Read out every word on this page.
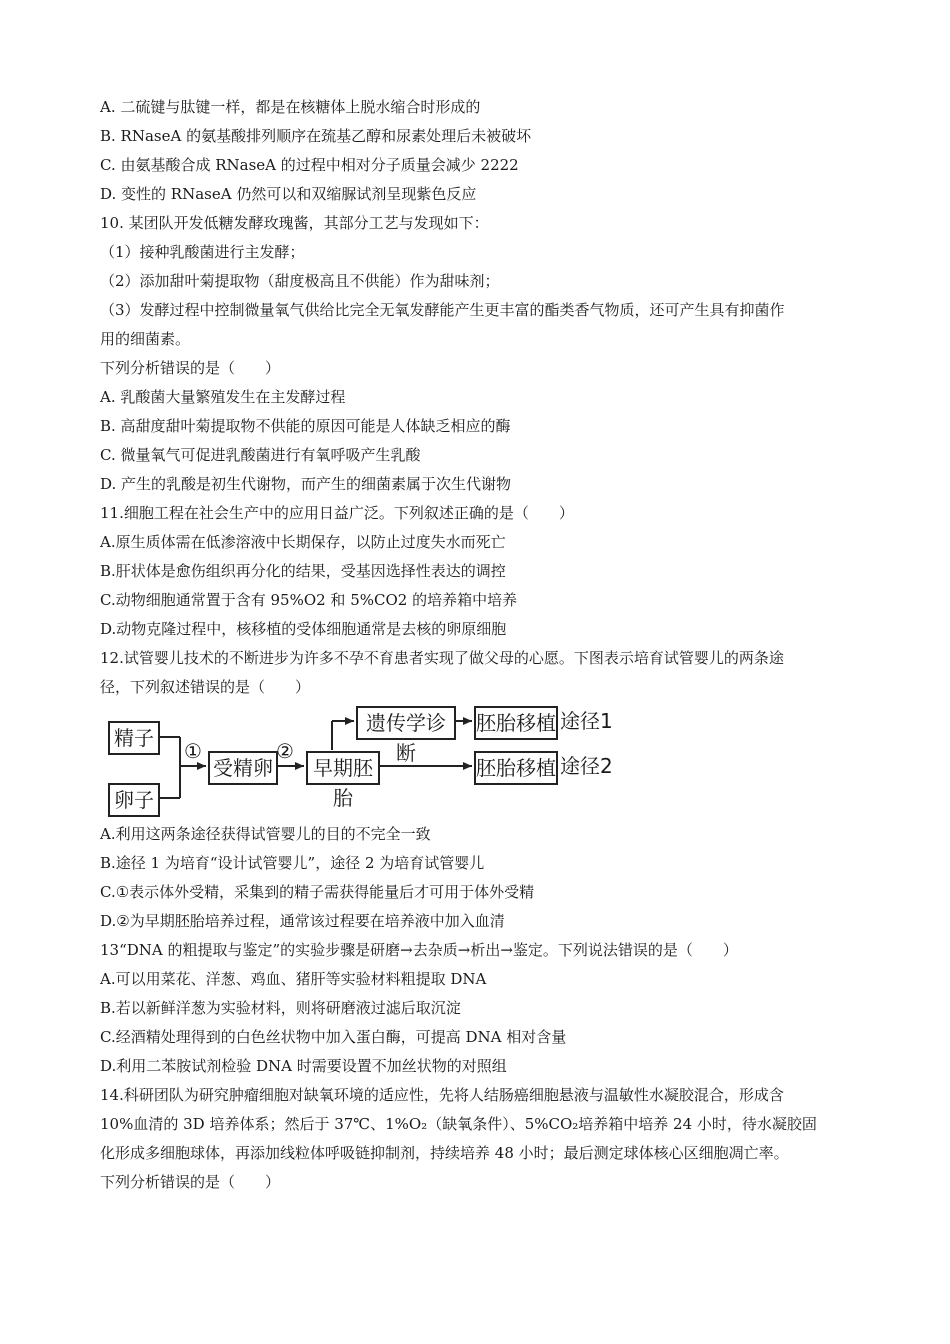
A. 二硫键与肽键一样，都是在核糖体上脱水缩合时形成的
B. RNaseA 的氨基酸排列顺序在巯基乙醇和尿素处理后未被破坏
C. 由氨基酸合成 RNaseA 的过程中相对分子质量会减少 2222
D. 变性的 RNaseA 仍然可以和双缩脲试剂呈现紫色反应
10. 某团队开发低糖发酵玫瑰酱，其部分工艺与发现如下：
（1）接种乳酸菌进行主发酵；
（2）添加甜叶菊提取物（甜度极高且不供能）作为甜味剂；
（3）发酵过程中控制微量氧气供给比完全无氧发酵能产生更丰富的酯类香气物质，还可产生具有抑菌作
用的细菌素。
下列分析错误的是（　　）
A. 乳酸菌大量繁殖发生在主发酵过程
B. 高甜度甜叶菊提取物不供能的原因可能是人体缺乏相应的酶
C. 微量氧气可促进乳酸菌进行有氧呼吸产生乳酸
D. 产生的乳酸是初生代谢物，而产生的细菌素属于次生代谢物
11.细胞工程在社会生产中的应用日益广泛。下列叙述正确的是（　　）
A.原生质体需在低渗溶液中长期保存，以防止过度失水而死亡
B.肝状体是愈伤组织再分化的结果，受基因选择性表达的调控
C.动物细胞通常置于含有 95%O2 和 5%CO2 的培养箱中培养
D.动物克隆过程中，核移植的受体细胞通常是去核的卵原细胞
12.试管婴儿技术的不断进步为许多不孕不育患者实现了做父母的心愿。下图表示培育试管婴儿的两条途
径，下列叙述错误的是（　　）
精子
卵子
①
受精卵
②
早期胚胎
遗传学诊断
胚胎移植
胚胎移植
途径1
途径2
A.利用这两条途径获得试管婴儿的目的不完全一致
B.途径 1 为培育“设计试管婴儿”，途径 2 为培育试管婴儿
C.①表示体外受精，采集到的精子需获得能量后才可用于体外受精
D.②为早期胚胎培养过程，通常该过程要在培养液中加入血清
13“DNA 的粗提取与鉴定”的实验步骤是研磨→去杂质→析出→鉴定。下列说法错误的是（　　）
A.可以用菜花、洋葱、鸡血、猪肝等实验材料粗提取 DNA
B.若以新鲜洋葱为实验材料，则将研磨液过滤后取沉淀
C.经酒精处理得到的白色丝状物中加入蛋白酶，可提高 DNA 相对含量
D.利用二苯胺试剂检验 DNA 时需要设置不加丝状物的对照组
14.科研团队为研究肿瘤细胞对缺氧环境的适应性，先将人结肠癌细胞悬液与温敏性水凝胶混合，形成含
10%血清的 3D 培养体系；然后于 37℃、1%O₂（缺氧条件）、5%CO₂培养箱中培养 24 小时，待水凝胶固
化形成多细胞球体，再添加线粒体呼吸链抑制剂，持续培养 48 小时；最后测定球体核心区细胞凋亡率。
下列分析错误的是（　　）
